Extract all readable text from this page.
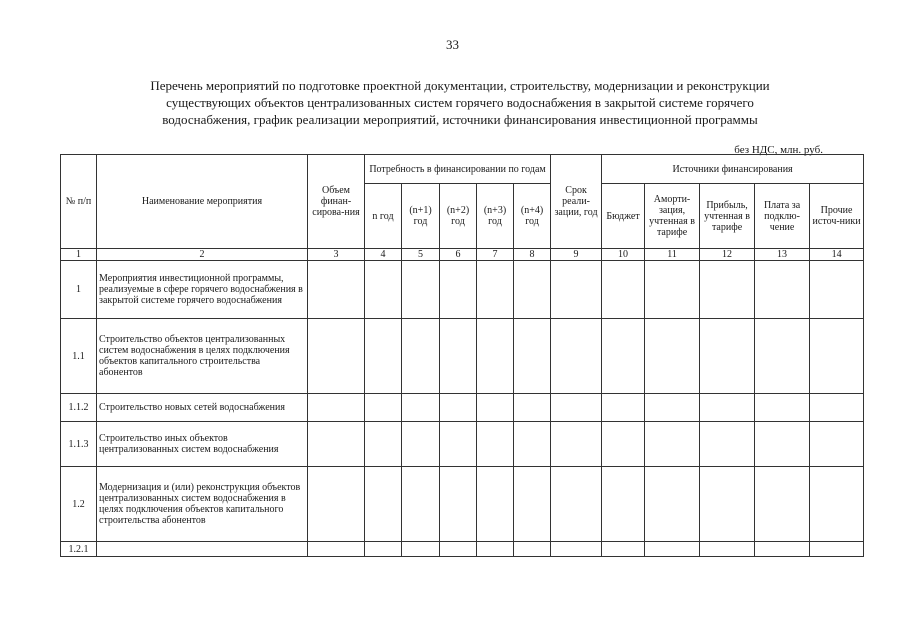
33
Перечень мероприятий по подготовке проектной документации, строительству, модернизации и реконструкции
существующих объектов централизованных систем горячего водоснабжения в закрытой системе горячего
водоснабжения, график реализации мероприятий, источники финансирования инвестиционной программы
без НДС, млн. руб.
№ п/п	Наименование мероприятия	Объем финан-сирова-ния	Потребность в финансировании по годам					Срок реали-зации, год	Источники финансирования				
			n год	(n+1) год	(n+2) год	(n+3) год	(n+4) год		Бюджет	Аморти-зация, учтенная в тарифе	Прибыль, учтенная в тарифе	Плата за подклю-чение	Прочие источ-ники
1	2	3	4	5	6	7	8	9	10	11	12	13	14
1	Мероприятия инвестиционной программы, реализуемые в сфере горячего водоснабжения в закрытой системе горячего водоснабжения												
1.1	Строительство объектов централизованных систем водоснабжения в целях подключения объектов капитального строительства абонентов												
1.1.2	Строительство новых сетей водоснабжения												
1.1.3	Строительство иных объектов централизованных систем водоснабжения												
1.2	Модернизация и (или) реконструкция объектов централизованных систем водоснабжения в целях подключения объектов капитального строительства абонентов												
1.2.1													
